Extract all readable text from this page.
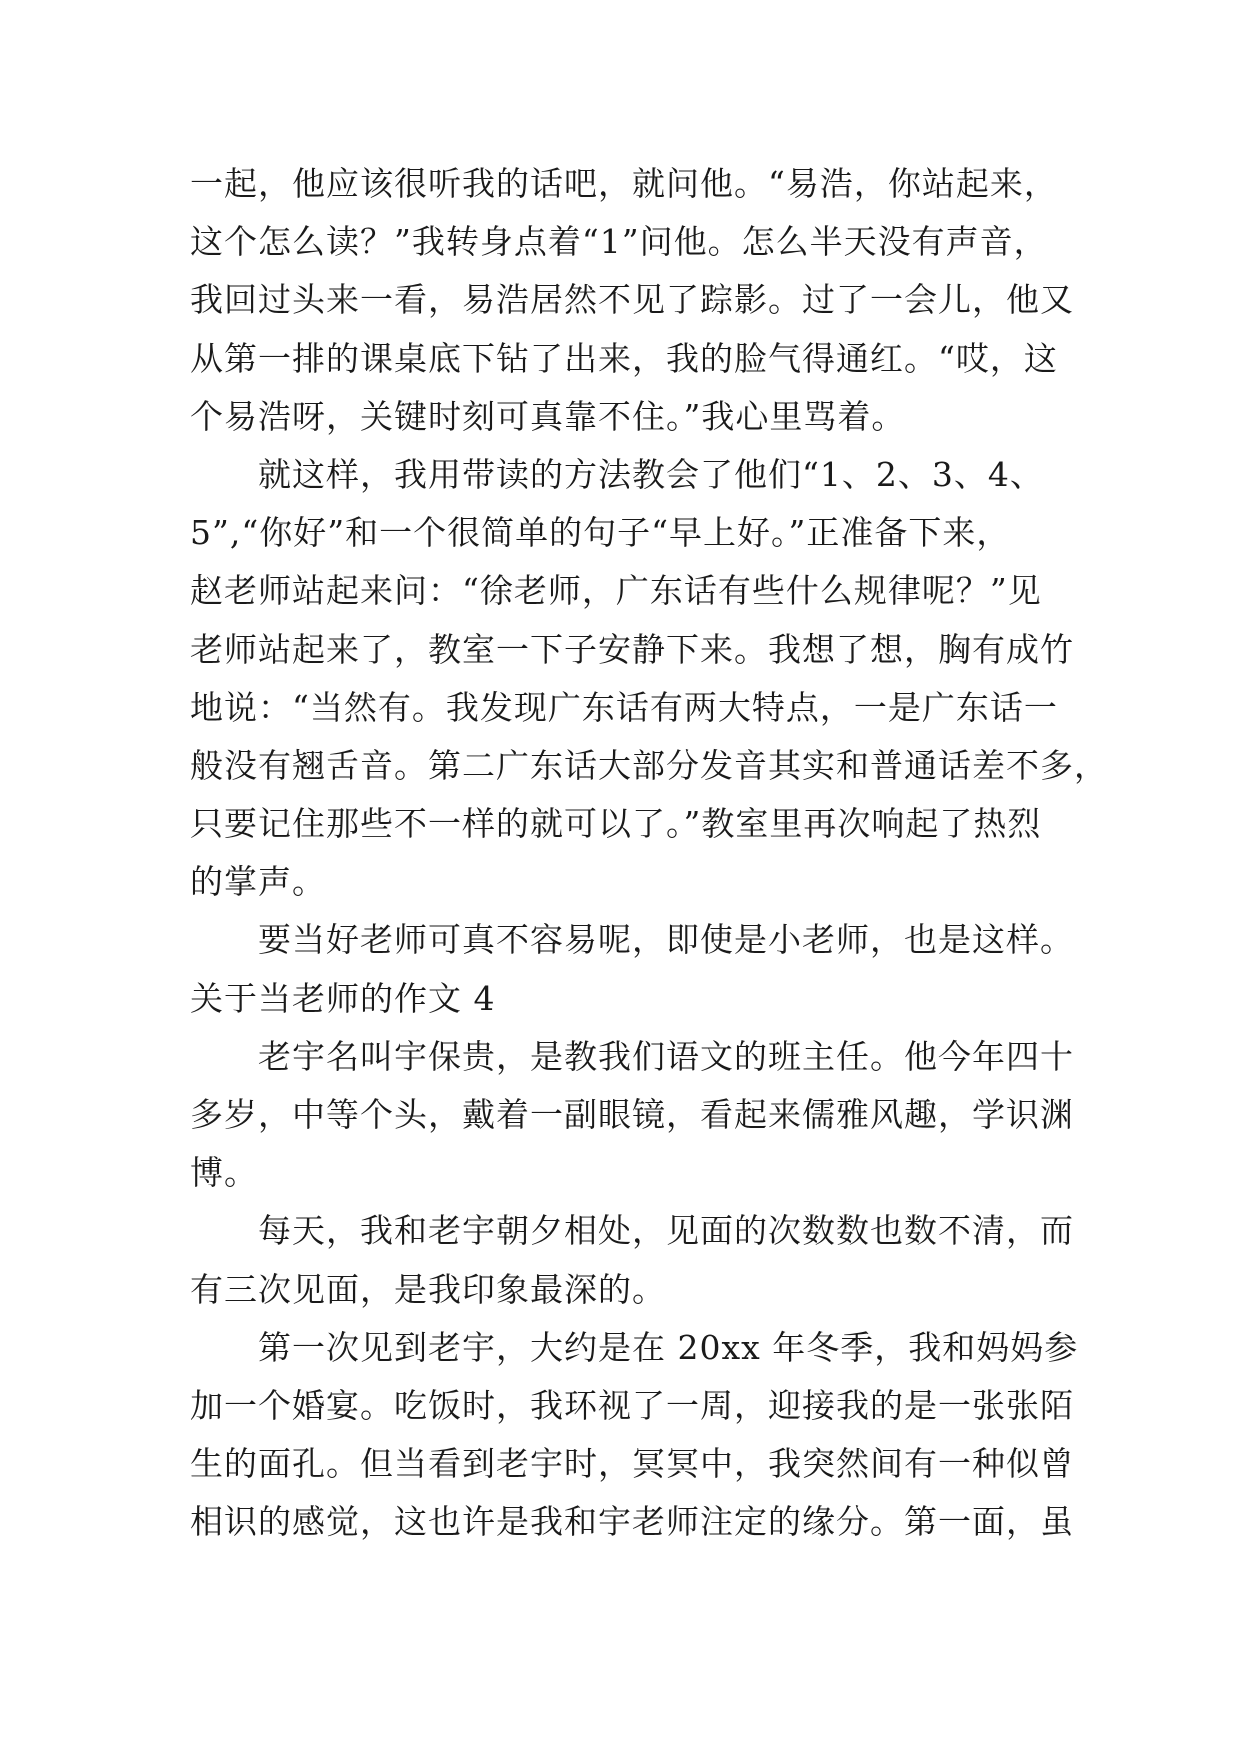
一起，他应该很听我的话吧，就问他。“易浩，你站起来，
这个怎么读？”我转身点着“1”问他。怎么半天没有声音，
我回过头来一看，易浩居然不见了踪影。过了一会儿，他又
从第一排的课桌底下钻了出来，我的脸气得通红。“哎，这
个易浩呀，关键时刻可真靠不住。”我心里骂着。
就这样，我用带读的方法教会了他们“1、2、3、4、
5”,“你好”和一个很简单的句子“早上好。”正准备下来，
赵老师站起来问：“徐老师，广东话有些什么规律呢？”见
老师站起来了，教室一下子安静下来。我想了想，胸有成竹
地说：“当然有。我发现广东话有两大特点，一是广东话一
般没有翘舌音。第二广东话大部分发音其实和普通话差不多，
只要记住那些不一样的就可以了。”教室里再次响起了热烈
的掌声。
要当好老师可真不容易呢，即使是小老师，也是这样。
关于当老师的作文 4
老宇名叫宇保贵，是教我们语文的班主任。他今年四十
多岁，中等个头，戴着一副眼镜，看起来儒雅风趣，学识渊
博。
每天，我和老宇朝夕相处，见面的次数数也数不清，而
有三次见面，是我印象最深的。
第一次见到老宇，大约是在 20xx 年冬季，我和妈妈参
加一个婚宴。吃饭时，我环视了一周，迎接我的是一张张陌
生的面孔。但当看到老宇时，冥冥中，我突然间有一种似曾
相识的感觉，这也许是我和宇老师注定的缘分。第一面，虽
